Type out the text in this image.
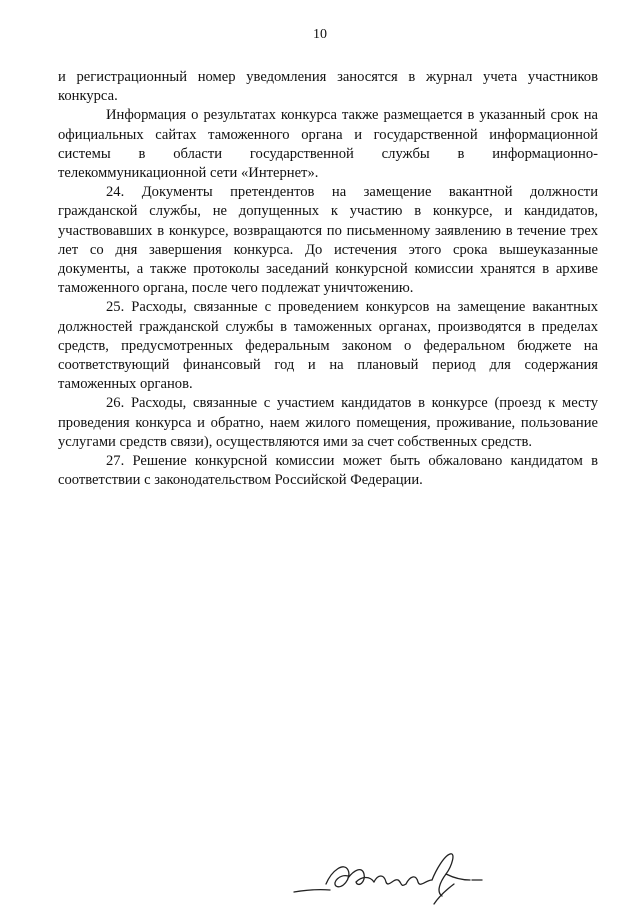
10

и регистрационный номер уведомления заносятся в журнал учета участников конкурса.

Информация о результатах конкурса также размещается в указанный срок на официальных сайтах таможенного органа и государственной информационной системы в области государственной службы в информационно-телекоммуникационной сети «Интернет».

24. Документы претендентов на замещение вакантной должности гражданской службы, не допущенных к участию в конкурсе, и кандидатов, участвовавших в конкурсе, возвращаются по письменному заявлению в течение трех лет со дня завершения конкурса. До истечения этого срока вышеуказанные документы, а также протоколы заседаний конкурсной комиссии хранятся в архиве таможенного органа, после чего подлежат уничтожению.

25. Расходы, связанные с проведением конкурсов на замещение вакантных должностей гражданской службы в таможенных органах, производятся в пределах средств, предусмотренных федеральным законом о федеральном бюджете на соответствующий финансовый год и на плановый период для содержания таможенных органов.

26. Расходы, связанные с участием кандидатов в конкурсе (проезд к месту проведения конкурса и обратно, наем жилого помещения, проживание, пользование услугами средств связи), осуществляются ими за счет собственных средств.

27. Решение конкурсной комиссии может быть обжаловано кандидатом в соответствии с законодательством Российской Федерации.
